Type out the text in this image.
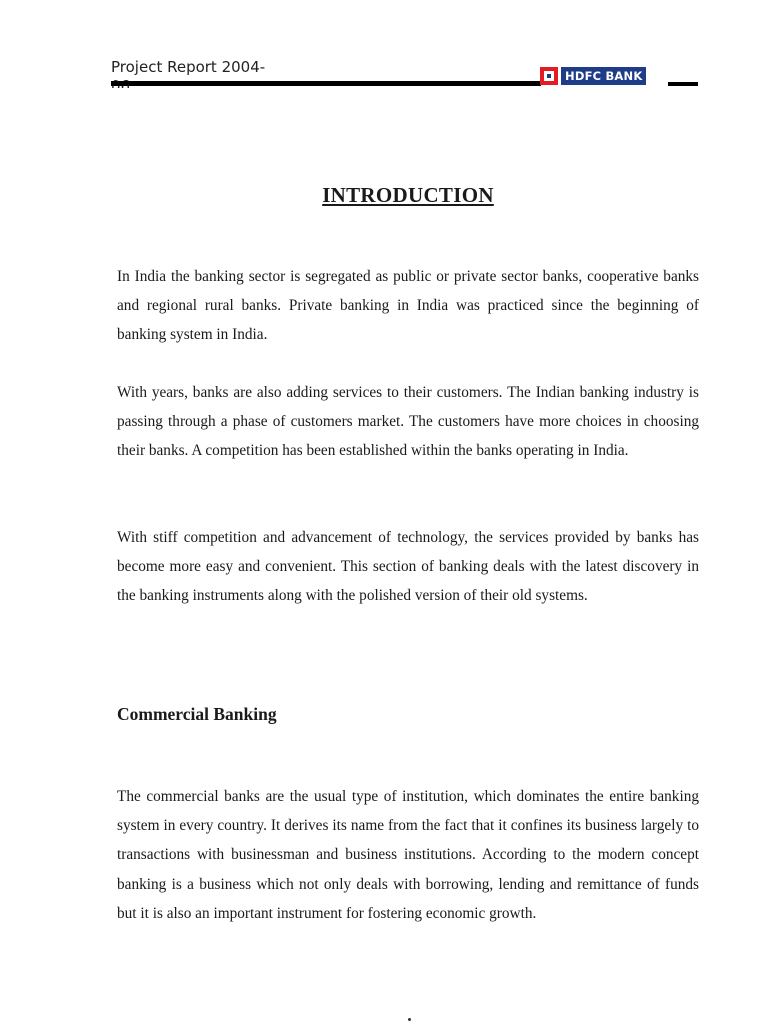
Project Report 2004-	HDFC BANK
INTRODUCTION

In India the banking sector is segregated as public or private sector banks, cooperative banks and regional rural banks. Private banking in India was practiced since the beginning of banking system in India.

With years, banks are also adding services to their customers. The Indian banking industry is passing through a phase of customers market. The customers have more choices in choosing their banks. A competition has been established within the banks operating in India.

With stiff competition and advancement of technology, the services provided by banks has become more easy and convenient. This section of banking deals with the latest discovery in the banking instruments along with the polished version of their old systems.

Commercial Banking

The commercial banks are the usual type of institution, which dominates the entire banking system in every country. It derives its name from the fact that it confines its business largely to transactions with businessman and business institutions. According to the modern concept banking is a business which not only deals with borrowing, lending and remittance of funds but it is also an important instrument for fostering economic growth.
